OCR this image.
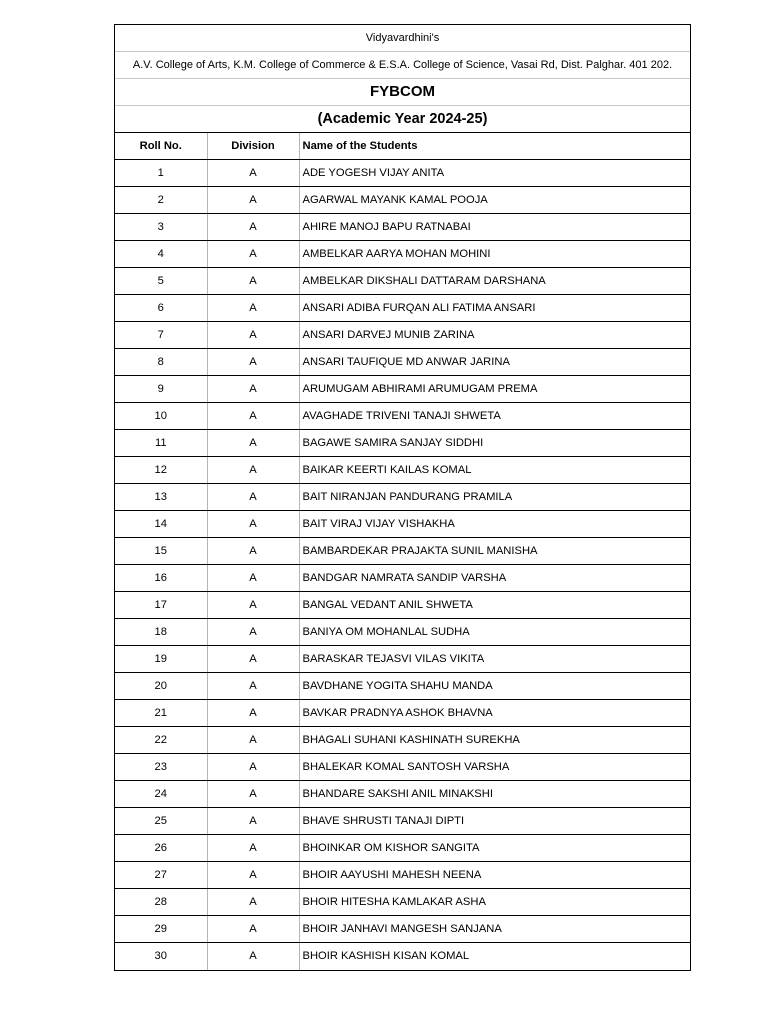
Vidyavardhini's
A.V. College of Arts, K.M. College of Commerce & E.S.A. College of Science, Vasai Rd, Dist. Palghar. 401 202.
FYBCOM
(Academic Year 2024-25)
Roll No.	Division	Name of the Students
1	A	ADE YOGESH VIJAY ANITA
2	A	AGARWAL MAYANK KAMAL POOJA
3	A	AHIRE MANOJ BAPU RATNABAI
4	A	AMBELKAR AARYA MOHAN MOHINI
5	A	AMBELKAR DIKSHALI DATTARAM DARSHANA
6	A	ANSARI ADIBA FURQAN ALI FATIMA ANSARI
7	A	ANSARI DARVEJ MUNIB ZARINA
8	A	ANSARI TAUFIQUE MD ANWAR JARINA
9	A	ARUMUGAM ABHIRAMI ARUMUGAM PREMA
10	A	AVAGHADE TRIVENI TANAJI SHWETA
11	A	BAGAWE SAMIRA SANJAY SIDDHI
12	A	BAIKAR KEERTI KAILAS KOMAL
13	A	BAIT NIRANJAN PANDURANG PRAMILA
14	A	BAIT VIRAJ VIJAY VISHAKHA
15	A	BAMBARDEKAR PRAJAKTA SUNIL MANISHA
16	A	BANDGAR NAMRATA SANDIP VARSHA
17	A	BANGAL VEDANT ANIL SHWETA
18	A	BANIYA OM MOHANLAL SUDHA
19	A	BARASKAR TEJASVI VILAS VIKITA
20	A	BAVDHANE YOGITA SHAHU MANDA
21	A	BAVKAR PRADNYA ASHOK BHAVNA
22	A	BHAGALI SUHANI KASHINATH SUREKHA
23	A	BHALEKAR KOMAL SANTOSH VARSHA
24	A	BHANDARE SAKSHI ANIL MINAKSHI
25	A	BHAVE SHRUSTI TANAJI DIPTI
26	A	BHOINKAR OM KISHOR SANGITA
27	A	BHOIR AAYUSHI MAHESH NEENA
28	A	BHOIR HITESHA KAMLAKAR ASHA
29	A	BHOIR JANHAVI MANGESH SANJANA
30	A	BHOIR KASHISH KISAN KOMAL
